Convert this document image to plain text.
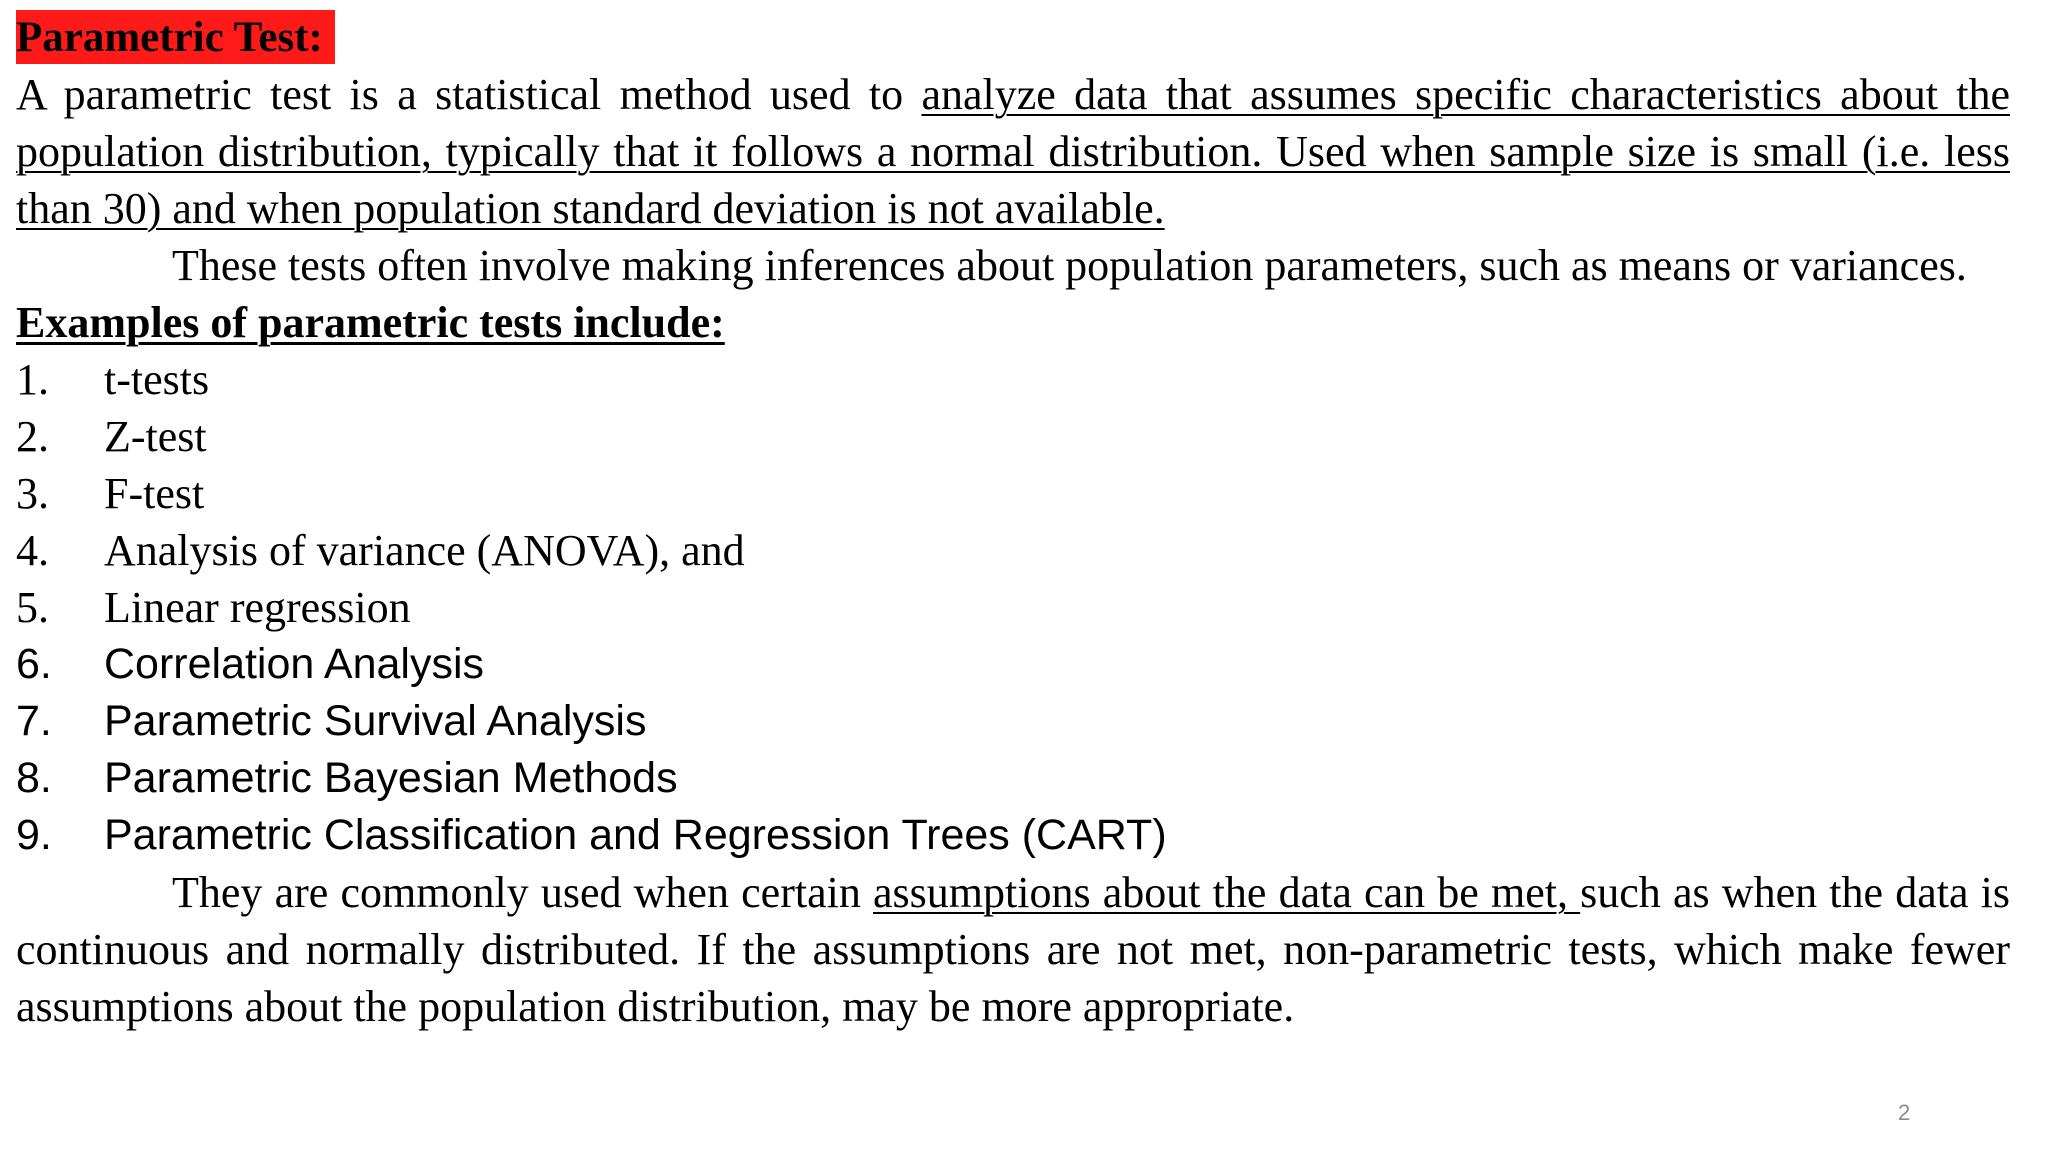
Parametric Test:

A parametric test is a statistical method used to analyze data that assumes specific characteristics about the population distribution, typically that it follows a normal distribution. Used when sample size is small (i.e. less than 30) and when population standard deviation is not available.

These tests often involve making inferences about population parameters, such as means or variances.

Examples of parametric tests include:

1.	t-tests
2.	Z-test
3.	F-test
4.	Analysis of variance (ANOVA), and
5.	Linear regression
6.	Correlation Analysis
7.	Parametric Survival Analysis
8.	Parametric Bayesian Methods
9.	Parametric Classification and Regression Trees (CART)

They are commonly used when certain assumptions about the data can be met, such as when the data is continuous and normally distributed. If the assumptions are not met, non-parametric tests, which make fewer assumptions about the population distribution, may be more appropriate.

2
